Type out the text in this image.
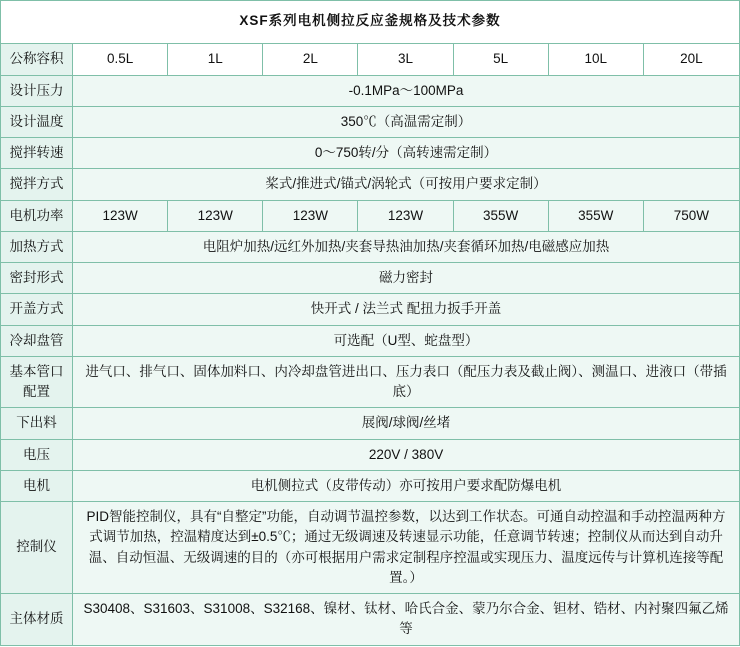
XSF系列电机侧拉反应釜规格及技术参数							
公称容积	0.5L	1L	2L	3L	5L	10L	20L
设计压力	-0.1MPa～100MPa						
设计温度	350℃（高温需定制）						
搅拌转速	0～750转/分（高转速需定制）						
搅拌方式	桨式/推进式/锚式/涡轮式（可按用户要求定制）						
电机功率	123W	123W	123W	123W	355W	355W	750W
加热方式	电阻炉加热/远红外加热/夹套导热油加热/夹套循环加热/电磁感应加热						
密封形式	磁力密封						
开盖方式	快开式 / 法兰式 配扭力扳手开盖						
冷却盘管	可选配（U型、蛇盘型）						
基本管口配置	进气口、排气口、固体加料口、内冷却盘管进出口、压力表口（配压力表及截止阀）、测温口、进液口（带插底）						
下出料	展阀/球阀/丝堵						
电压	220V / 380V						
电机	电机侧拉式（皮带传动）亦可按用户要求配防爆电机						
控制仪	PID智能控制仪，具有“自整定”功能，自动调节温控参数，以达到工作状态。可通自动控温和手动控温两种方式调节加热，控温精度达到±0.5℃；通过无级调速及转速显示功能，任意调节转速；控制仪从而达到自动升温、自动恒温、无级调速的目的（亦可根据用户需求定制程序控温或实现压力、温度远传与计算机连接等配置。）						
主体材质	S30408、S31603、S31008、S32168、镍材、钛材、哈氏合金、蒙乃尔合金、钽材、锆材、内衬聚四氟乙烯等						
